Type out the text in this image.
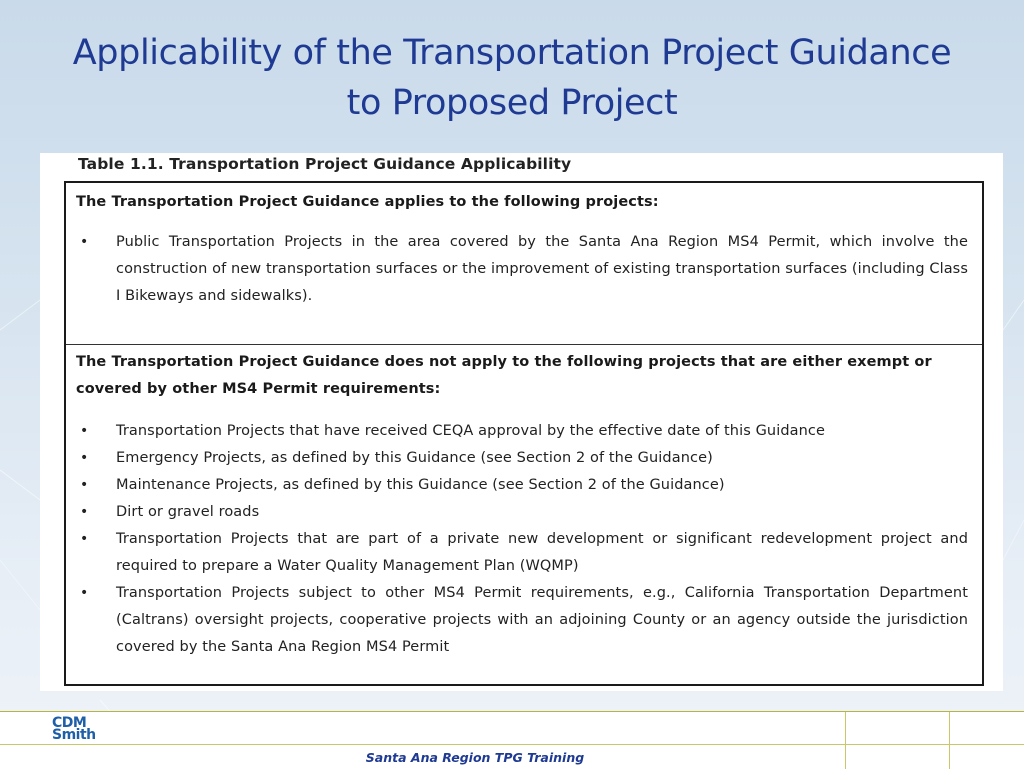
Applicability of the Transportation Project Guidance
to Proposed Project
Table 1.1. Transportation Project Guidance Applicability
The Transportation Project Guidance applies to the following projects:
• Public Transportation Projects in the area covered by the Santa Ana Region MS4 Permit, which involve the construction of new transportation surfaces or the improvement of existing transportation surfaces (including Class I Bikeways and sidewalks).
The Transportation Project Guidance does not apply to the following projects that are either exempt or covered by other MS4 Permit requirements:
• Transportation Projects that have received CEQA approval by the effective date of this Guidance
• Emergency Projects, as defined by this Guidance (see Section 2 of the Guidance)
• Maintenance Projects, as defined by this Guidance (see Section 2 of the Guidance)
• Dirt or gravel roads
• Transportation Projects that are part of a private new development or significant redevelopment project and required to prepare a Water Quality Management Plan (WQMP)
• Transportation Projects subject to other MS4 Permit requirements, e.g., California Transportation Department (Caltrans) oversight projects, cooperative projects with an adjoining County or an agency outside the jurisdiction covered by the Santa Ana Region MS4 Permit
CDM
Smith
Santa Ana Region TPG Training
